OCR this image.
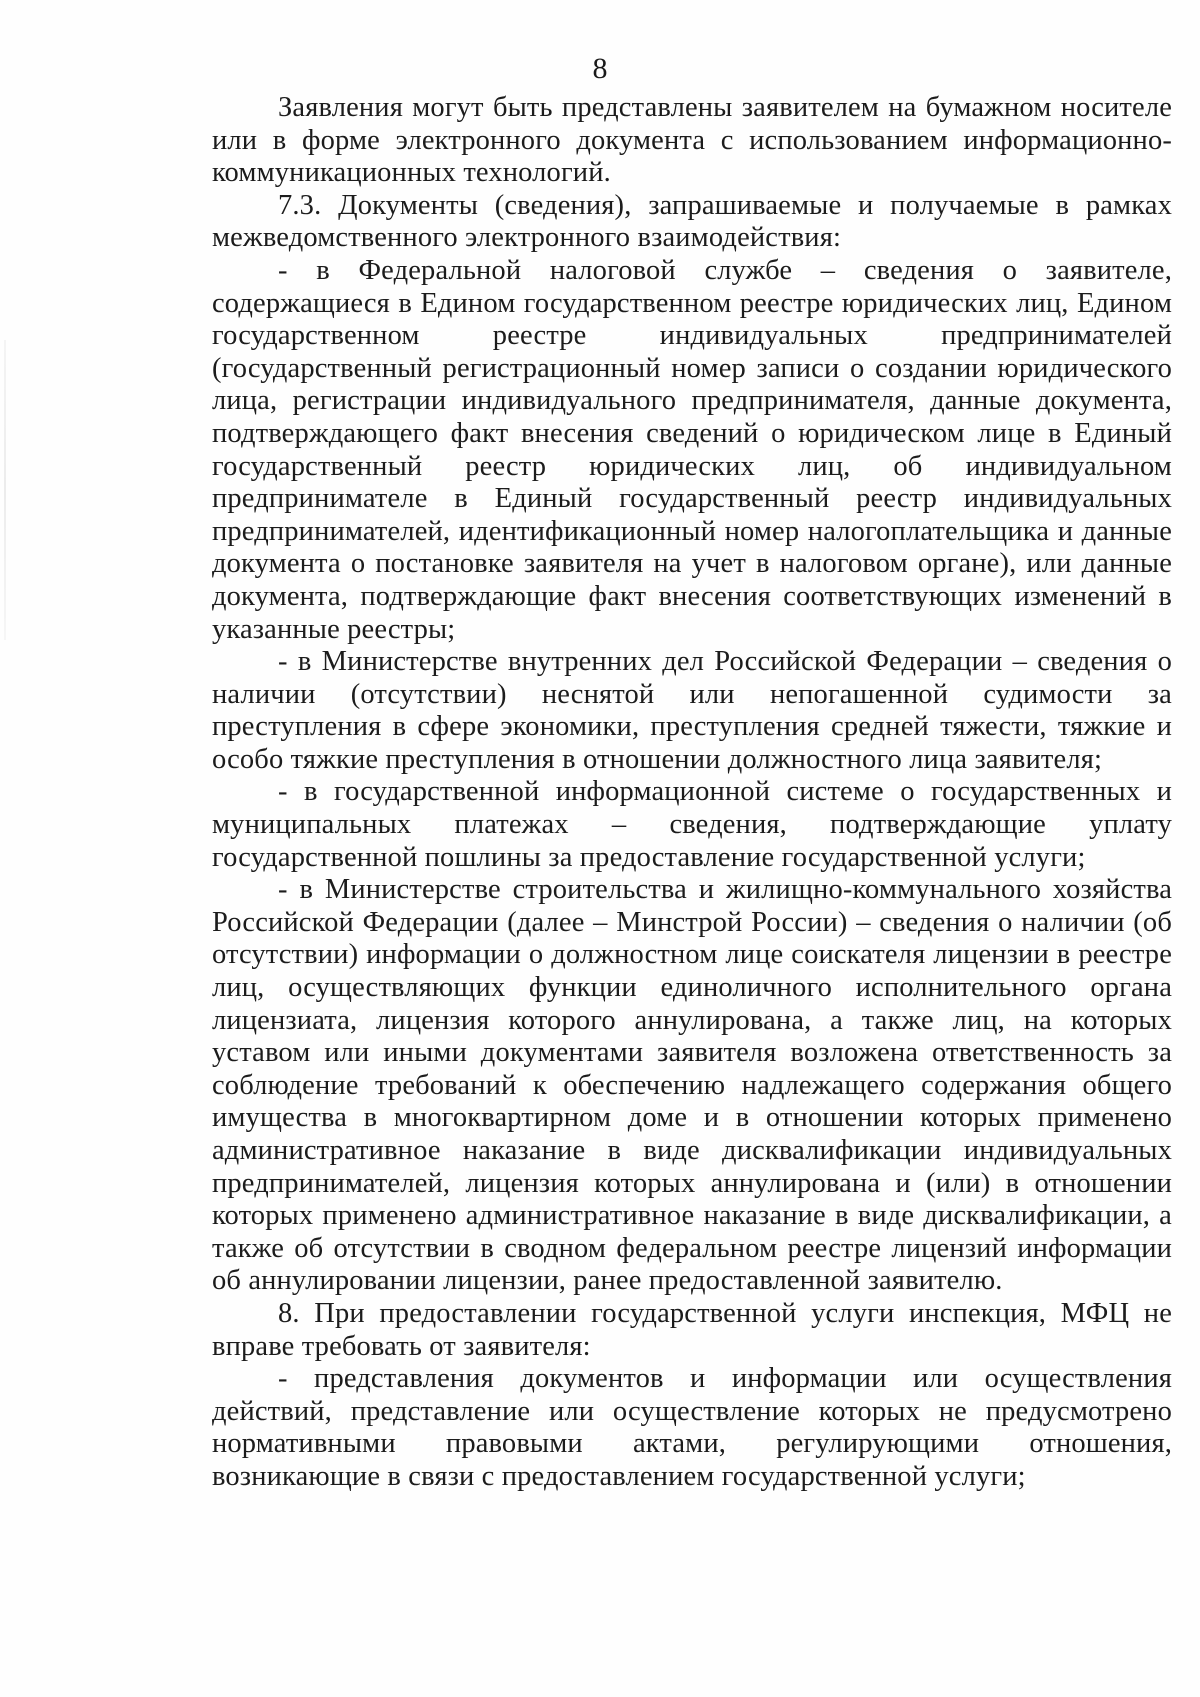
8

Заявления могут быть представлены заявителем на бумажном носителе или в форме электронного документа с использованием информационно-коммуникационных технологий.

7.3. Документы (сведения), запрашиваемые и получаемые в рамках межведомственного электронного взаимодействия:

- в Федеральной налоговой службе – сведения о заявителе, содержащиеся в Едином государственном реестре юридических лиц, Едином государственном реестре индивидуальных предпринимателей (государственный регистрационный номер записи о создании юридического лица, регистрации индивидуального предпринимателя, данные документа, подтверждающего факт внесения сведений о юридическом лице в Единый государственный реестр юридических лиц, об индивидуальном предпринимателе в Единый государственный реестр индивидуальных предпринимателей, идентификационный номер налогоплательщика и данные документа о постановке заявителя на учет в налоговом органе), или данные документа, подтверждающие факт внесения соответствующих изменений в указанные реестры;

- в Министерстве внутренних дел Российской Федерации – сведения о наличии (отсутствии) неснятой или непогашенной судимости за преступления в сфере экономики, преступления средней тяжести, тяжкие и особо тяжкие преступления в отношении должностного лица заявителя;

- в государственной информационной системе о государственных и муниципальных платежах – сведения, подтверждающие уплату государственной пошлины за предоставление государственной услуги;

- в Министерстве строительства и жилищно-коммунального хозяйства Российской Федерации (далее – Минстрой России) – сведения о наличии (об отсутствии) информации о должностном лице соискателя лицензии в реестре лиц, осуществляющих функции единоличного исполнительного органа лицензиата, лицензия которого аннулирована, а также лиц, на которых уставом или иными документами заявителя возложена ответственность за соблюдение требований к обеспечению надлежащего содержания общего имущества в многоквартирном доме и в отношении которых применено административное наказание в виде дисквалификации индивидуальных предпринимателей, лицензия которых аннулирована и (или) в отношении которых применено административное наказание в виде дисквалификации, а также об отсутствии в сводном федеральном реестре лицензий информации об аннулировании лицензии, ранее предоставленной заявителю.

8. При предоставлении государственной услуги инспекция, МФЦ не вправе требовать от заявителя:

- представления документов и информации или осуществления действий, представление или осуществление которых не предусмотрено нормативными правовыми актами, регулирующими отношения, возникающие в связи с предоставлением государственной услуги;
